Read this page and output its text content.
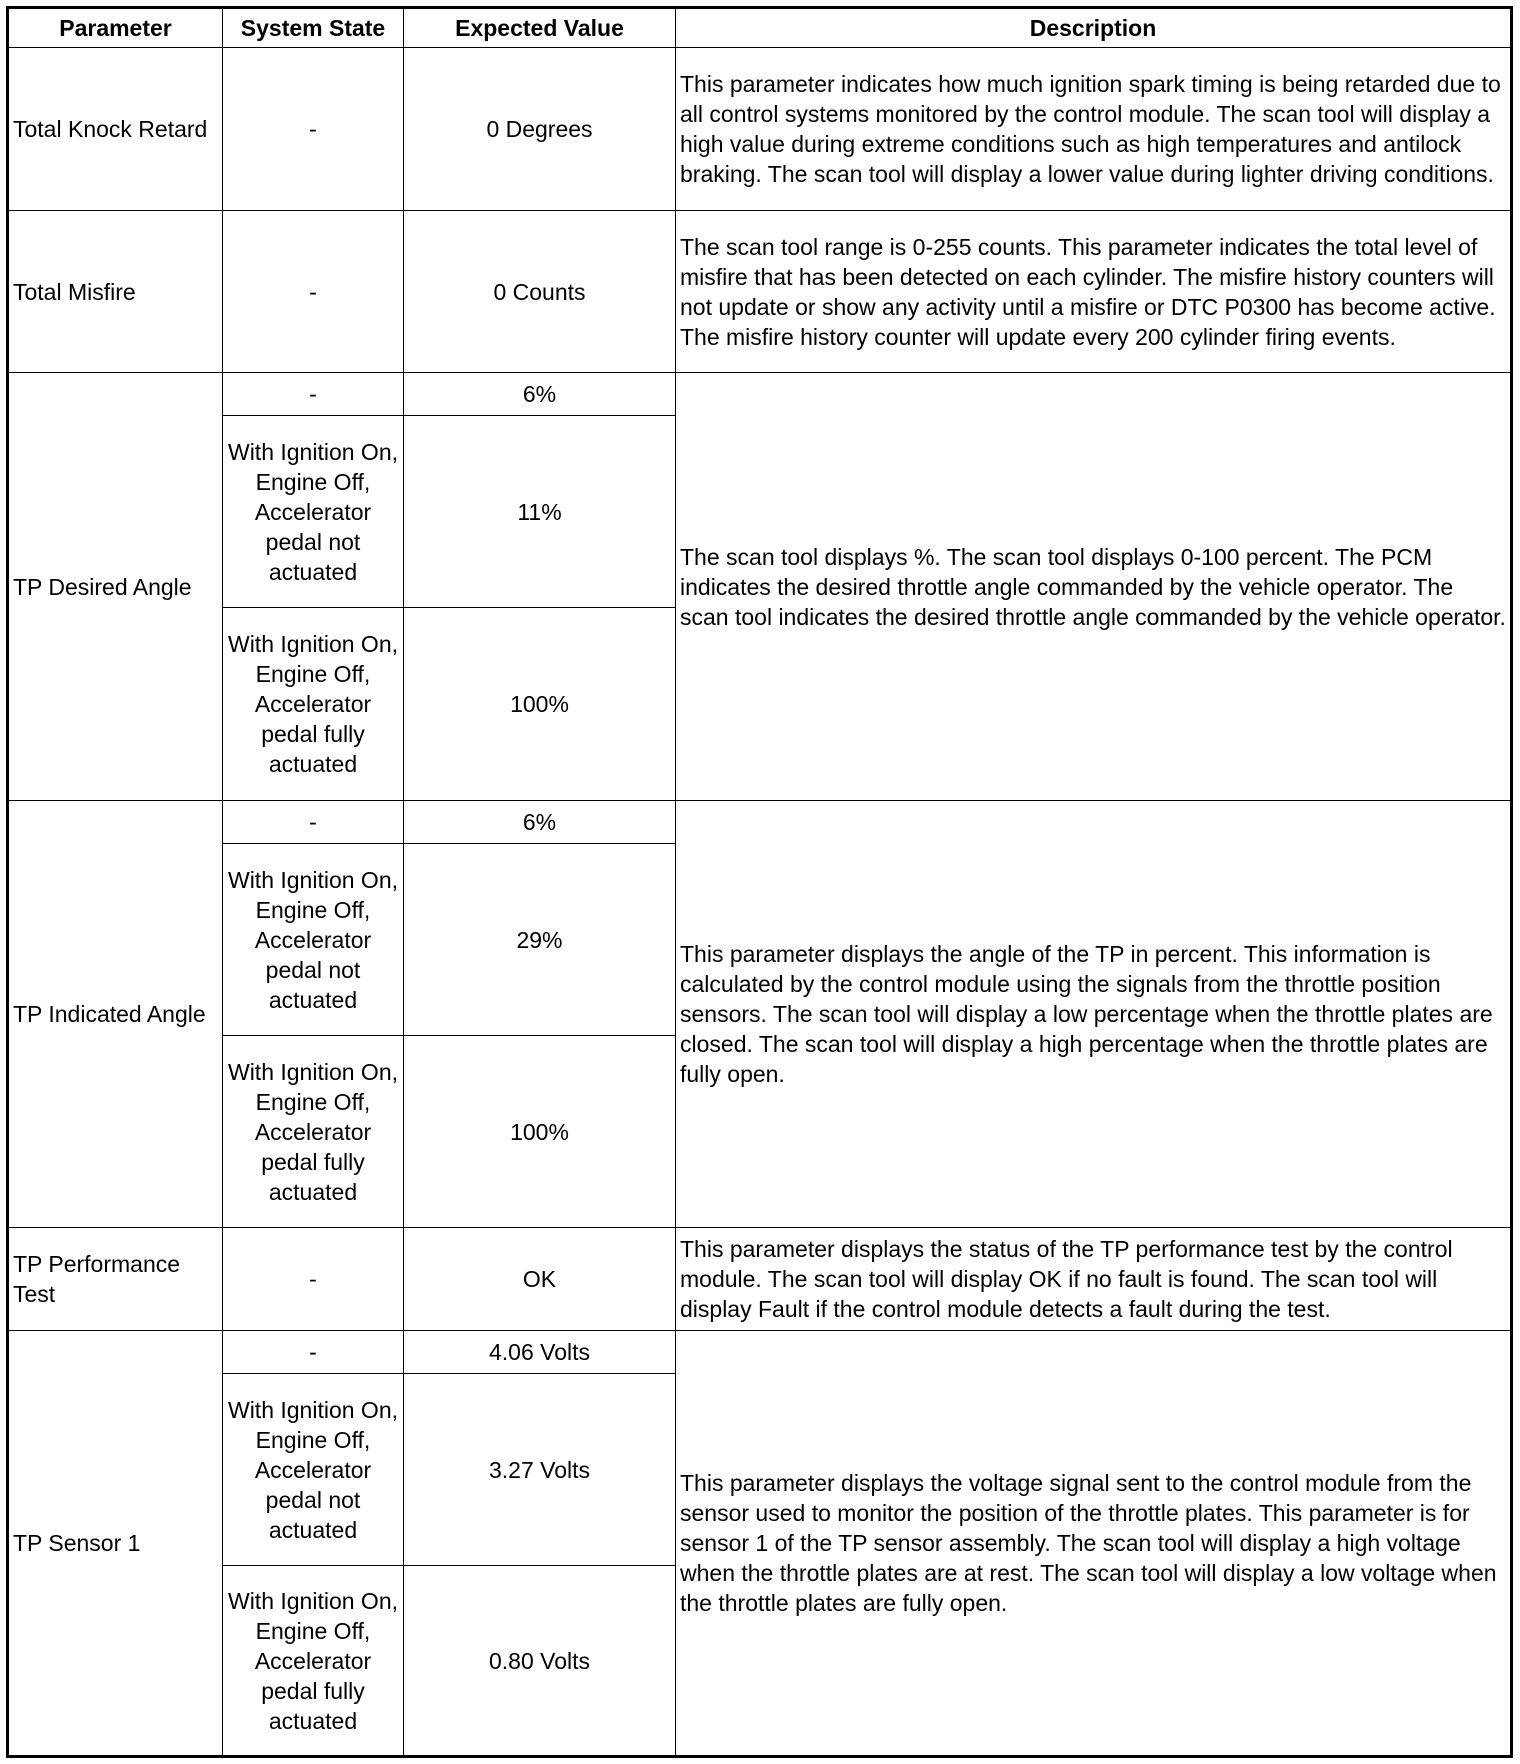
Parameter	System State	Expected Value	Description
Total Knock Retard	-	0 Degrees	This parameter indicates how much ignition spark timing is being retarded due to all control systems monitored by the control module. The scan tool will display a high value during extreme conditions such as high temperatures and antilock braking. The scan tool will display a lower value during lighter driving conditions.
Total Misfire	-	0 Counts	The scan tool range is 0-255 counts. This parameter indicates the total level of misfire that has been detected on each cylinder. The misfire history counters will not update or show any activity until a misfire or DTC P0300 has become active. The misfire history counter will update every 200 cylinder firing events.
TP Desired Angle	-	6%	The scan tool displays %. The scan tool displays 0-100 percent. The PCM indicates the desired throttle angle commanded by the vehicle operator. The scan tool indicates the desired throttle angle commanded by the vehicle operator.
	With Ignition On, Engine Off, Accelerator pedal not actuated	11%	
	With Ignition On, Engine Off, Accelerator pedal fully actuated	100%	
TP Indicated Angle	-	6%	This parameter displays the angle of the TP in percent. This information is calculated by the control module using the signals from the throttle position sensors. The scan tool will display a low percentage when the throttle plates are closed. The scan tool will display a high percentage when the throttle plates are fully open.
	With Ignition On, Engine Off, Accelerator pedal not actuated	29%	
	With Ignition On, Engine Off, Accelerator pedal fully actuated	100%	
TP Performance Test	-	OK	This parameter displays the status of the TP performance test by the control module. The scan tool will display OK if no fault is found. The scan tool will display Fault if the control module detects a fault during the test.
TP Sensor 1	-	4.06 Volts	This parameter displays the voltage signal sent to the control module from the sensor used to monitor the position of the throttle plates. This parameter is for sensor 1 of the TP sensor assembly. The scan tool will display a high voltage when the throttle plates are at rest. The scan tool will display a low voltage when the throttle plates are fully open.
	With Ignition On, Engine Off, Accelerator pedal not actuated	3.27 Volts	
	With Ignition On, Engine Off, Accelerator pedal fully actuated	0.80 Volts	
